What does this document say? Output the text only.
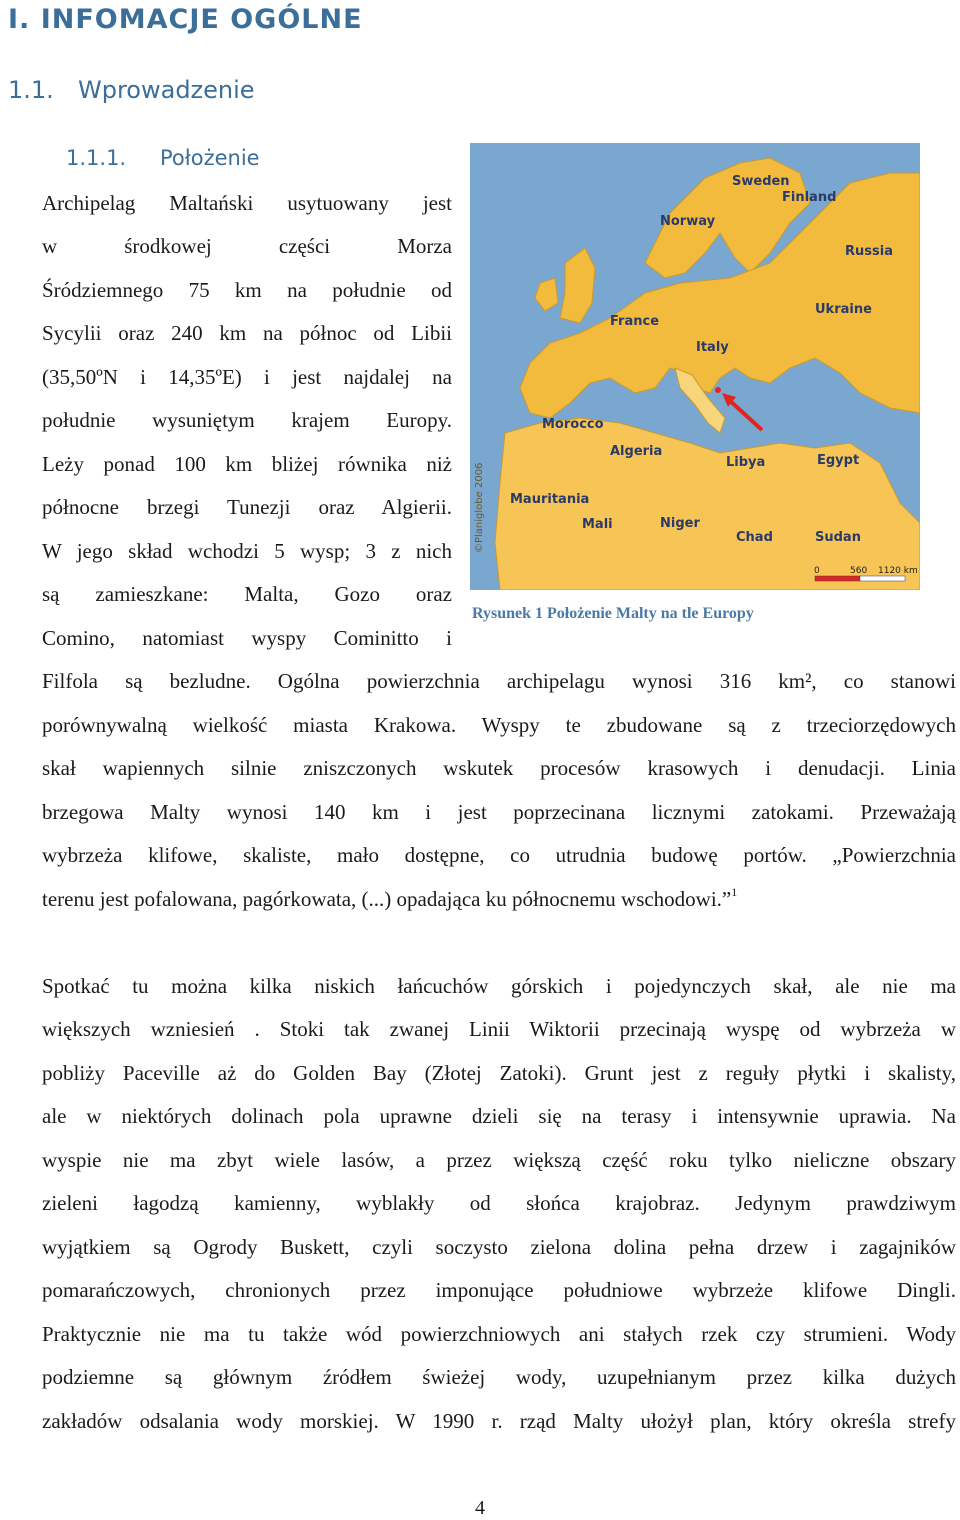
I. INFOMACJE OGÓLNE
1.1. Wprowadzenie
1.1.1. Położenie
Archipelag Maltański usytuowany jest
w środkowej części Morza
Śródziemnego 75 km na południe od
Sycylii oraz 240 km na północ od Libii
(35,50ºN i 14,35ºE) i jest najdalej na
południe wysuniętym krajem Europy.
Leży ponad 100 km bliżej równika niż
północne brzegi Tunezji oraz Algierii.
W jego skład wchodzi 5 wysp; 3 z nich
są zamieszkane: Malta, Gozo oraz
Comino, natomiast wyspy Cominitto i
Filfola są bezludne. Ogólna powierzchnia archipelagu wynosi 316 km², co stanowi
porównywalną wielkość miasta Krakowa. Wyspy te zbudowane są z trzeciorzędowych
skał wapiennych silnie zniszczonych wskutek procesów krasowych i denudacji. Linia
brzegowa Malty wynosi 140 km i jest poprzecinana licznymi zatokami. Przeważają
wybrzeża klifowe, skaliste, mało dostępne, co utrudnia budowę portów. „Powierzchnia
terenu jest pofalowana, pagórkowata, (...) opadająca ku północnemu wschodowi.”$^1$
Spotkać tu można kilka niskich łańcuchów górskich i pojedynczych skał, ale nie ma
większych wzniesień . Stoki tak zwanej Linii Wiktorii przecinają wyspę od wybrzeża w
pobliży Paceville aż do Golden Bay (Złotej Zatoki). Grunt jest z reguły płytki i skalisty,
ale w niektórych dolinach pola uprawne dzieli się na terasy i intensywnie uprawia. Na
wyspie nie ma zbyt wiele lasów, a przez większą część roku tylko nieliczne obszary
zieleni łagodzą kamienny, wyblakły od słońca krajobraz. Jedynym prawdziwym
wyjątkiem są Ogrody Buskett, czyli soczysto zielona dolina pełna drzew i zagajników
pomarańczowych, chronionych przez imponujące południowe wybrzeże klifowe Dingli.
Praktycznie nie ma tu także wód powierzchniowych ani stałych rzek czy strumieni. Wody
podziemne są głównym źródłem świeżej wody, uzupełnianym przez kilka dużych
zakładów odsalania wody morskiej. W 1990 r. rząd Malty ułożył plan, który określa strefy
Sweden
Finland
Norway
Russia
Ukraine
France
Italy
Morocco
Algeria
Libya	Egypt
Mauritania
Mali	Niger
Chad	Sudan
©Planiglobe 2006
0	560 1120 km
Rysunek 1 Położenie Malty na tle Europy
4
